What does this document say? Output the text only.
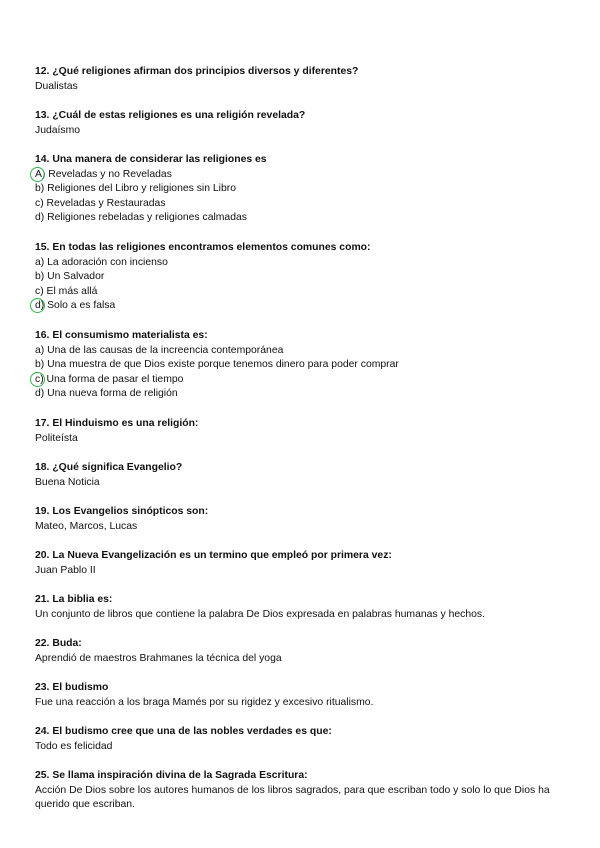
12. ¿Qué religiones afirman dos principios diversos y diferentes?
Dualistas
13. ¿Cuál de estas religiones es una religión revelada?
Judaísmo
14. Una manera de considerar las religiones es
A) Reveladas y no Reveladas
b) Religiones del Libro y religiones sin Libro
c) Reveladas y Restauradas
d) Religiones rebeladas y religiones calmadas
15. En todas las religiones encontramos elementos comunes como:
a) La adoración con incienso
b) Un Salvador
c) El más allá
d) Solo a es falsa
16. El consumismo materialista es:
a) Una de las causas de la increencia contemporánea
b) Una muestra de que Dios existe porque tenemos dinero para poder comprar
c) Una forma de pasar el tiempo
d) Una nueva forma de religión
17. El Hinduismo es una religión:
Politeísta
18. ¿Qué significa Evangelio?
Buena Noticia
19. Los Evangelios sinópticos son:
Mateo, Marcos, Lucas
20. La Nueva Evangelización es un termino que empleó por primera vez:
Juan Pablo II
21. La biblia es:
Un conjunto de libros que contiene la palabra De Dios expresada en palabras humanas y hechos.
22. Buda:
Aprendió de maestros Brahmanes la técnica del yoga
23. El budismo
Fue una reacción a los braga Mamés por su rigidez y excesivo ritualismo.
24. El budismo cree que una de las nobles verdades es que:
Todo es felicidad
25. Se llama inspiración divina de la Sagrada Escritura:
Acción De Dios sobre los autores humanos de los libros sagrados, para que escriban todo y solo lo que Dios ha querido que escriban.
